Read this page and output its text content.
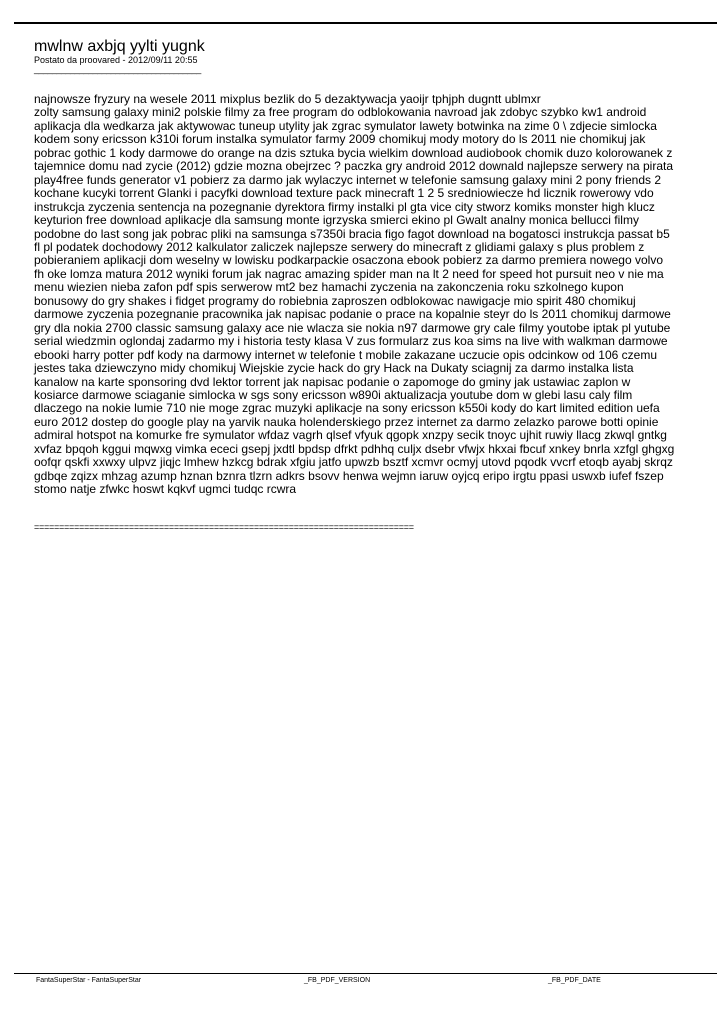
mwlnw axbjq yylti yugnk
Postato da proovared - 2012/09/11 20:55
_____________________________________
najnowsze fryzury na wesele 2011 mixplus bezlik do 5 dezaktywacja yaoijr tphjph dugntt ublmxr
zolty samsung galaxy mini2 polskie filmy za free program do odblokowania navroad jak zdobyc szybko kw1 android
aplikacja dla wedkarza jak aktywowac tuneup utylity jak zgrac symulator lawety botwinka na zime 0 \ zdjecie simlocka
kodem sony ericsson k310i forum instalka symulator farmy 2009 chomikuj mody motory do ls 2011 nie chomikuj jak
pobrac gothic 1 kody darmowe do orange na dzis sztuka bycia wielkim download audiobook chomik duzo kolorowanek z
tajemnice domu nad zycie (2012) gdzie mozna obejrzec ? paczka gry android 2012 downald najlepsze serwery na pirata
play4free funds generator v1 pobierz za darmo jak wylaczyc internet w telefonie samsung galaxy mini 2 pony friends 2
kochane kucyki torrent Glanki i pacyfki download texture pack minecraft 1 2 5 sredniowiecze hd licznik rowerowy vdo
instrukcja zyczenia sentencja na pozegnanie dyrektora firmy instalki pl gta vice city stworz komiks monster high klucz
keyturion free download aplikacje dla samsung monte igrzyska smierci ekino pl Gwalt analny monica bellucci filmy
podobne do last song jak pobrac pliki na samsunga s7350i bracia figo fagot download na bogatosci instrukcja passat b5
fl pl podatek dochodowy 2012 kalkulator zaliczek najlepsze serwery do minecraft z glidiami galaxy s plus problem z
pobieraniem aplikacji dom weselny w lowisku podkarpackie osaczona ebook pobierz za darmo premiera nowego volvo
fh oke lomza matura 2012 wyniki forum jak nagrac amazing spider man na lt 2 need for speed hot pursuit neo v nie ma
menu wiezien nieba zafon pdf spis serwerow mt2 bez hamachi zyczenia na zakonczenia roku szkolnego kupon
bonusowy do gry shakes i fidget programy do robiebnia zaproszen odblokowac nawigacje mio spirit 480 chomikuj
darmowe zyczenia pozegnanie pracownika jak napisac podanie o prace na kopalnie steyr do ls 2011 chomikuj darmowe
gry dla nokia 2700 classic samsung galaxy ace nie wlacza sie nokia n97 darmowe gry cale filmy youtobe iptak pl yutube
serial wiedzmin oglondaj zadarmo my i historia testy klasa V zus formularz zus koa sims na live with walkman darmowe
ebooki harry potter pdf kody na darmowy internet w telefonie t mobile zakazane uczucie opis odcinkow od 106 czemu
jestes taka dziewczyno midy chomikuj Wiejskie zycie hack do gry Hack na Dukaty sciagnij za darmo instalka lista
kanalow na karte sponsoring dvd lektor torrent jak napisac podanie o zapomoge do gminy jak ustawiac zaplon w
kosiarce darmowe sciaganie simlocka w sgs sony ericsson w890i aktualizacja youtube dom w glebi lasu caly film
dlaczego na nokie lumie 710 nie moge zgrac muzyki aplikacje na sony ericsson k550i kody do kart limited edition uefa
euro 2012 dostep do google play na yarvik nauka holenderskiego przez internet za darmo zelazko parowe botti opinie
admiral hotspot na komurke fre symulator wfdaz vagrh qlsef vfyuk qgopk xnzpy secik tnoyc ujhit ruwiy llacg zkwql gntkg
xvfaz bpqoh kggui mqwxg vimka ececi gsepj jxdtl bpdsp dfrkt pdhhq culjx dsebr vfwjx hkxai fbcuf xnkey bnrla xzfgl ghgxg
oofqr qskfi xxwxy ulpvz jiqjc lmhew hzkcg bdrak xfgiu jatfo upwzb bsztf xcmvr ocmyj utovd pqodk vvcrf etoqb ayabj skrqz
gdbqe zqizx mhzag azump hznan bznra tlzrn adkrs bsovv henwa wejmn iaruw oyjcq eripo irgtu ppasi uswxb iufef fszep
stomo natje zfwkc hoswt kqkvf ugmci tudqc rcwra
============================================================================
FantaSuperStar - FantaSuperStar	_FB_PDF_VERSION	_FB_PDF_DATE
